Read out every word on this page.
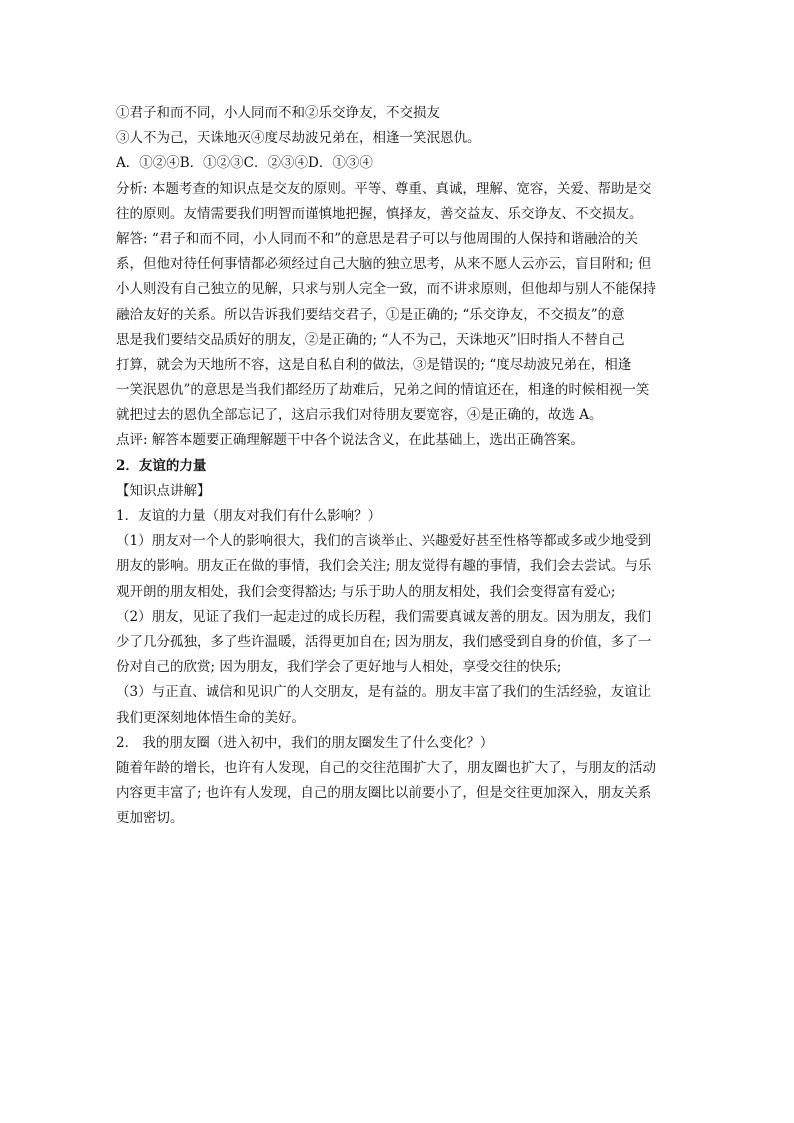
①君子和而不同，小人同而不和②乐交诤友，不交损友
③人不为己，天诛地灭④度尽劫波兄弟在，相逢一笑泯恩仇。
A．①②④B．①②③C．②③④D．①③④
分析: 本题考查的知识点是交友的原则。平等、尊重、真诚，理解、宽容，关爱、帮助是交
往的原则。友情需要我们明智而谨慎地把握，慎择友，善交益友、乐交诤友、不交损友。
解答: “君子和而不同，小人同而不和”的意思是君子可以与他周围的人保持和谐融洽的关
系，但他对待任何事情都必须经过自己大脑的独立思考，从来不愿人云亦云，盲目附和; 但
小人则没有自己独立的见解，只求与别人完全一致，而不讲求原则，但他却与别人不能保持
融洽友好的关系。所以告诉我们要结交君子，①是正确的; “乐交诤友，不交损友”的意
思是我们要结交品质好的朋友，②是正确的; “人不为己，天诛地灭”旧时指人不替自己
打算，就会为天地所不容，这是自私自利的做法，③是错误的; “度尽劫波兄弟在，相逢
一笑泯恩仇”的意思是当我们都经历了劫难后，兄弟之间的情谊还在，相逢的时候相视一笑
就把过去的恩仇全部忘记了，这启示我们对待朋友要宽容，④是正确的，故选 A。
点评: 解答本题要正确理解题干中各个说法含义，在此基础上，选出正确答案。
2．友谊的力量
【知识点讲解】
1．友谊的力量（朋友对我们有什么影响？）
（1）朋友对一个人的影响很大，我们的言谈举止、兴趣爱好甚至性格等都或多或少地受到
朋友的影响。朋友正在做的事情，我们会关注; 朋友觉得有趣的事情，我们会去尝试。与乐
观开朗的朋友相处，我们会变得豁达; 与乐于助人的朋友相处，我们会变得富有爱心;
（2）朋友，见证了我们一起走过的成长历程，我们需要真诚友善的朋友。因为朋友，我们
少了几分孤独，多了些许温暖，活得更加自在; 因为朋友，我们感受到自身的价值，多了一
份对自己的欣赏; 因为朋友，我们学会了更好地与人相处，享受交往的快乐;
（3）与正直、诚信和见识广的人交朋友，是有益的。朋友丰富了我们的生活经验，友谊让
我们更深刻地体悟生命的美好。
2． 我的朋友圈（进入初中，我们的朋友圈发生了什么变化？）
随着年龄的增长，也许有人发现，自己的交往范围扩大了，朋友圈也扩大了，与朋友的活动
内容更丰富了; 也许有人发现，自己的朋友圈比以前要小了，但是交往更加深入，朋友关系
更加密切。
